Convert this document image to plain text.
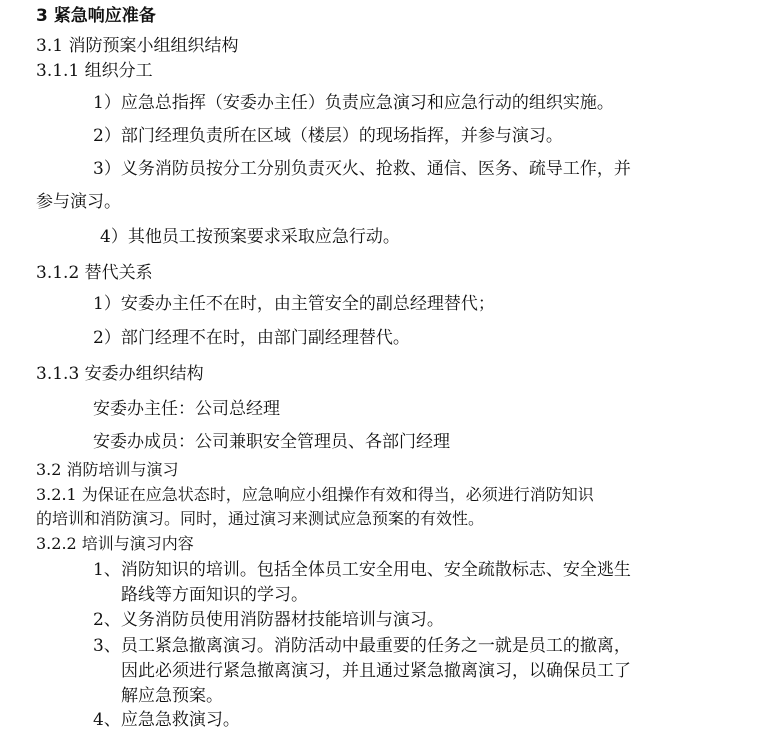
3 紧急响应准备
3.1 消防预案小组组织结构
3.1.1 组织分工
1）应急总指挥（安委办主任）负责应急演习和应急行动的组织实施。
2）部门经理负责所在区域（楼层）的现场指挥，并参与演习。
3）义务消防员按分工分别负责灭火、抢救、通信、医务、疏导工作，并
参与演习。
4）其他员工按预案要求采取应急行动。
3.1.2 替代关系
1）安委办主任不在时，由主管安全的副总经理替代；
2）部门经理不在时，由部门副经理替代。
3.1.3 安委办组织结构
安委办主任：公司总经理
安委办成员：公司兼职安全管理员、各部门经理
3.2 消防培训与演习
3.2.1 为保证在应急状态时，应急响应小组操作有效和得当，必须进行消防知识
的培训和消防演习。同时，通过演习来测试应急预案的有效性。
3.2.2 培训与演习内容
1、消防知识的培训。包括全体员工安全用电、安全疏散标志、安全逃生
路线等方面知识的学习。
2、义务消防员使用消防器材技能培训与演习。
3、员工紧急撤离演习。消防活动中最重要的任务之一就是员工的撤离，
因此必须进行紧急撤离演习，并且通过紧急撤离演习，以确保员工了
解应急预案。
4、应急急救演习。
